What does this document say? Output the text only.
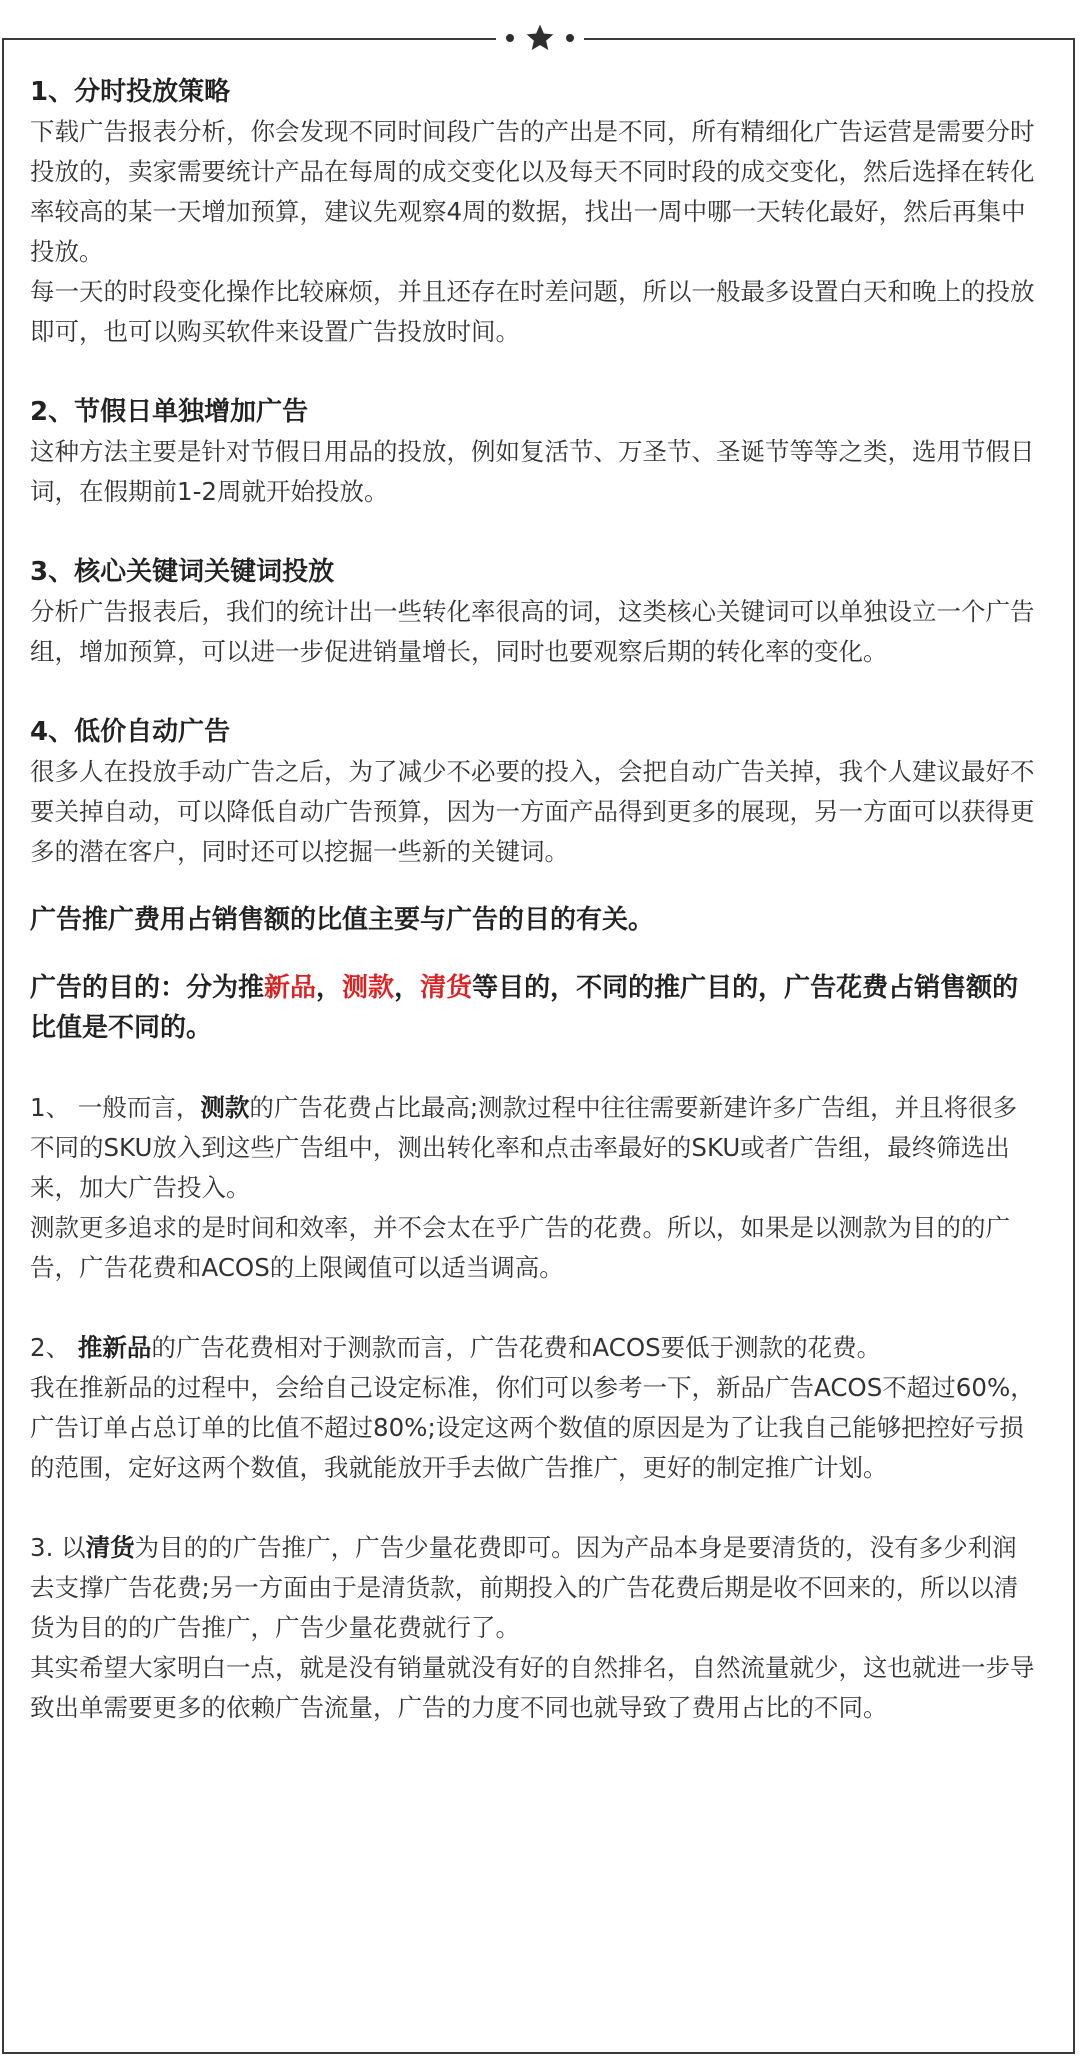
1、分时投放策略

下载广告报表分析，你会发现不同时间段广告的产出是不同，所有精细化广告运营是需要分时投放的，卖家需要统计产品在每周的成交变化以及每天不同时段的成交变化，然后选择在转化率较高的某一天增加预算，建议先观察4周的数据，找出一周中哪一天转化最好，然后再集中投放。

每一天的时段变化操作比较麻烦，并且还存在时差问题，所以一般最多设置白天和晚上的投放即可，也可以购买软件来设置广告投放时间。

2、节假日单独增加广告

这种方法主要是针对节假日用品的投放，例如复活节、万圣节、圣诞节等等之类，选用节假日词，在假期前1-2周就开始投放。

3、核心关键词关键词投放

分析广告报表后，我们的统计出一些转化率很高的词，这类核心关键词可以单独设立一个广告组，增加预算，可以进一步促进销量增长，同时也要观察后期的转化率的变化。

4、低价自动广告

很多人在投放手动广告之后，为了减少不必要的投入，会把自动广告关掉，我个人建议最好不要关掉自动，可以降低自动广告预算，因为一方面产品得到更多的展现，另一方面可以获得更多的潜在客户，同时还可以挖掘一些新的关键词。

广告推广费用占销售额的比值主要与广告的目的有关。

广告的目的：分为推新品，测款，清货等目的，不同的推广目的，广告花费占销售额的比值是不同的。

1、 一般而言，测款的广告花费占比最高;测款过程中往往需要新建许多广告组，并且将很多不同的SKU放入到这些广告组中，测出转化率和点击率最好的SKU或者广告组，最终筛选出来，加大广告投入。

测款更多追求的是时间和效率，并不会太在乎广告的花费。所以，如果是以测款为目的的广告，广告花费和ACOS的上限阈值可以适当调高。

2、 推新品的广告花费相对于测款而言，广告花费和ACOS要低于测款的花费。

我在推新品的过程中，会给自己设定标准，你们可以参考一下，新品广告ACOS不超过60%，广告订单占总订单的比值不超过80%;设定这两个数值的原因是为了让我自己能够把控好亏损的范围，定好这两个数值，我就能放开手去做广告推广，更好的制定推广计划。

3. 以清货为目的的广告推广，广告少量花费即可。因为产品本身是要清货的，没有多少利润去支撑广告花费;另一方面由于是清货款，前期投入的广告花费后期是收不回来的，所以以清货为目的的广告推广，广告少量花费就行了。

其实希望大家明白一点，就是没有销量就没有好的自然排名，自然流量就少，这也就进一步导致出单需要更多的依赖广告流量，广告的力度不同也就导致了费用占比的不同。
